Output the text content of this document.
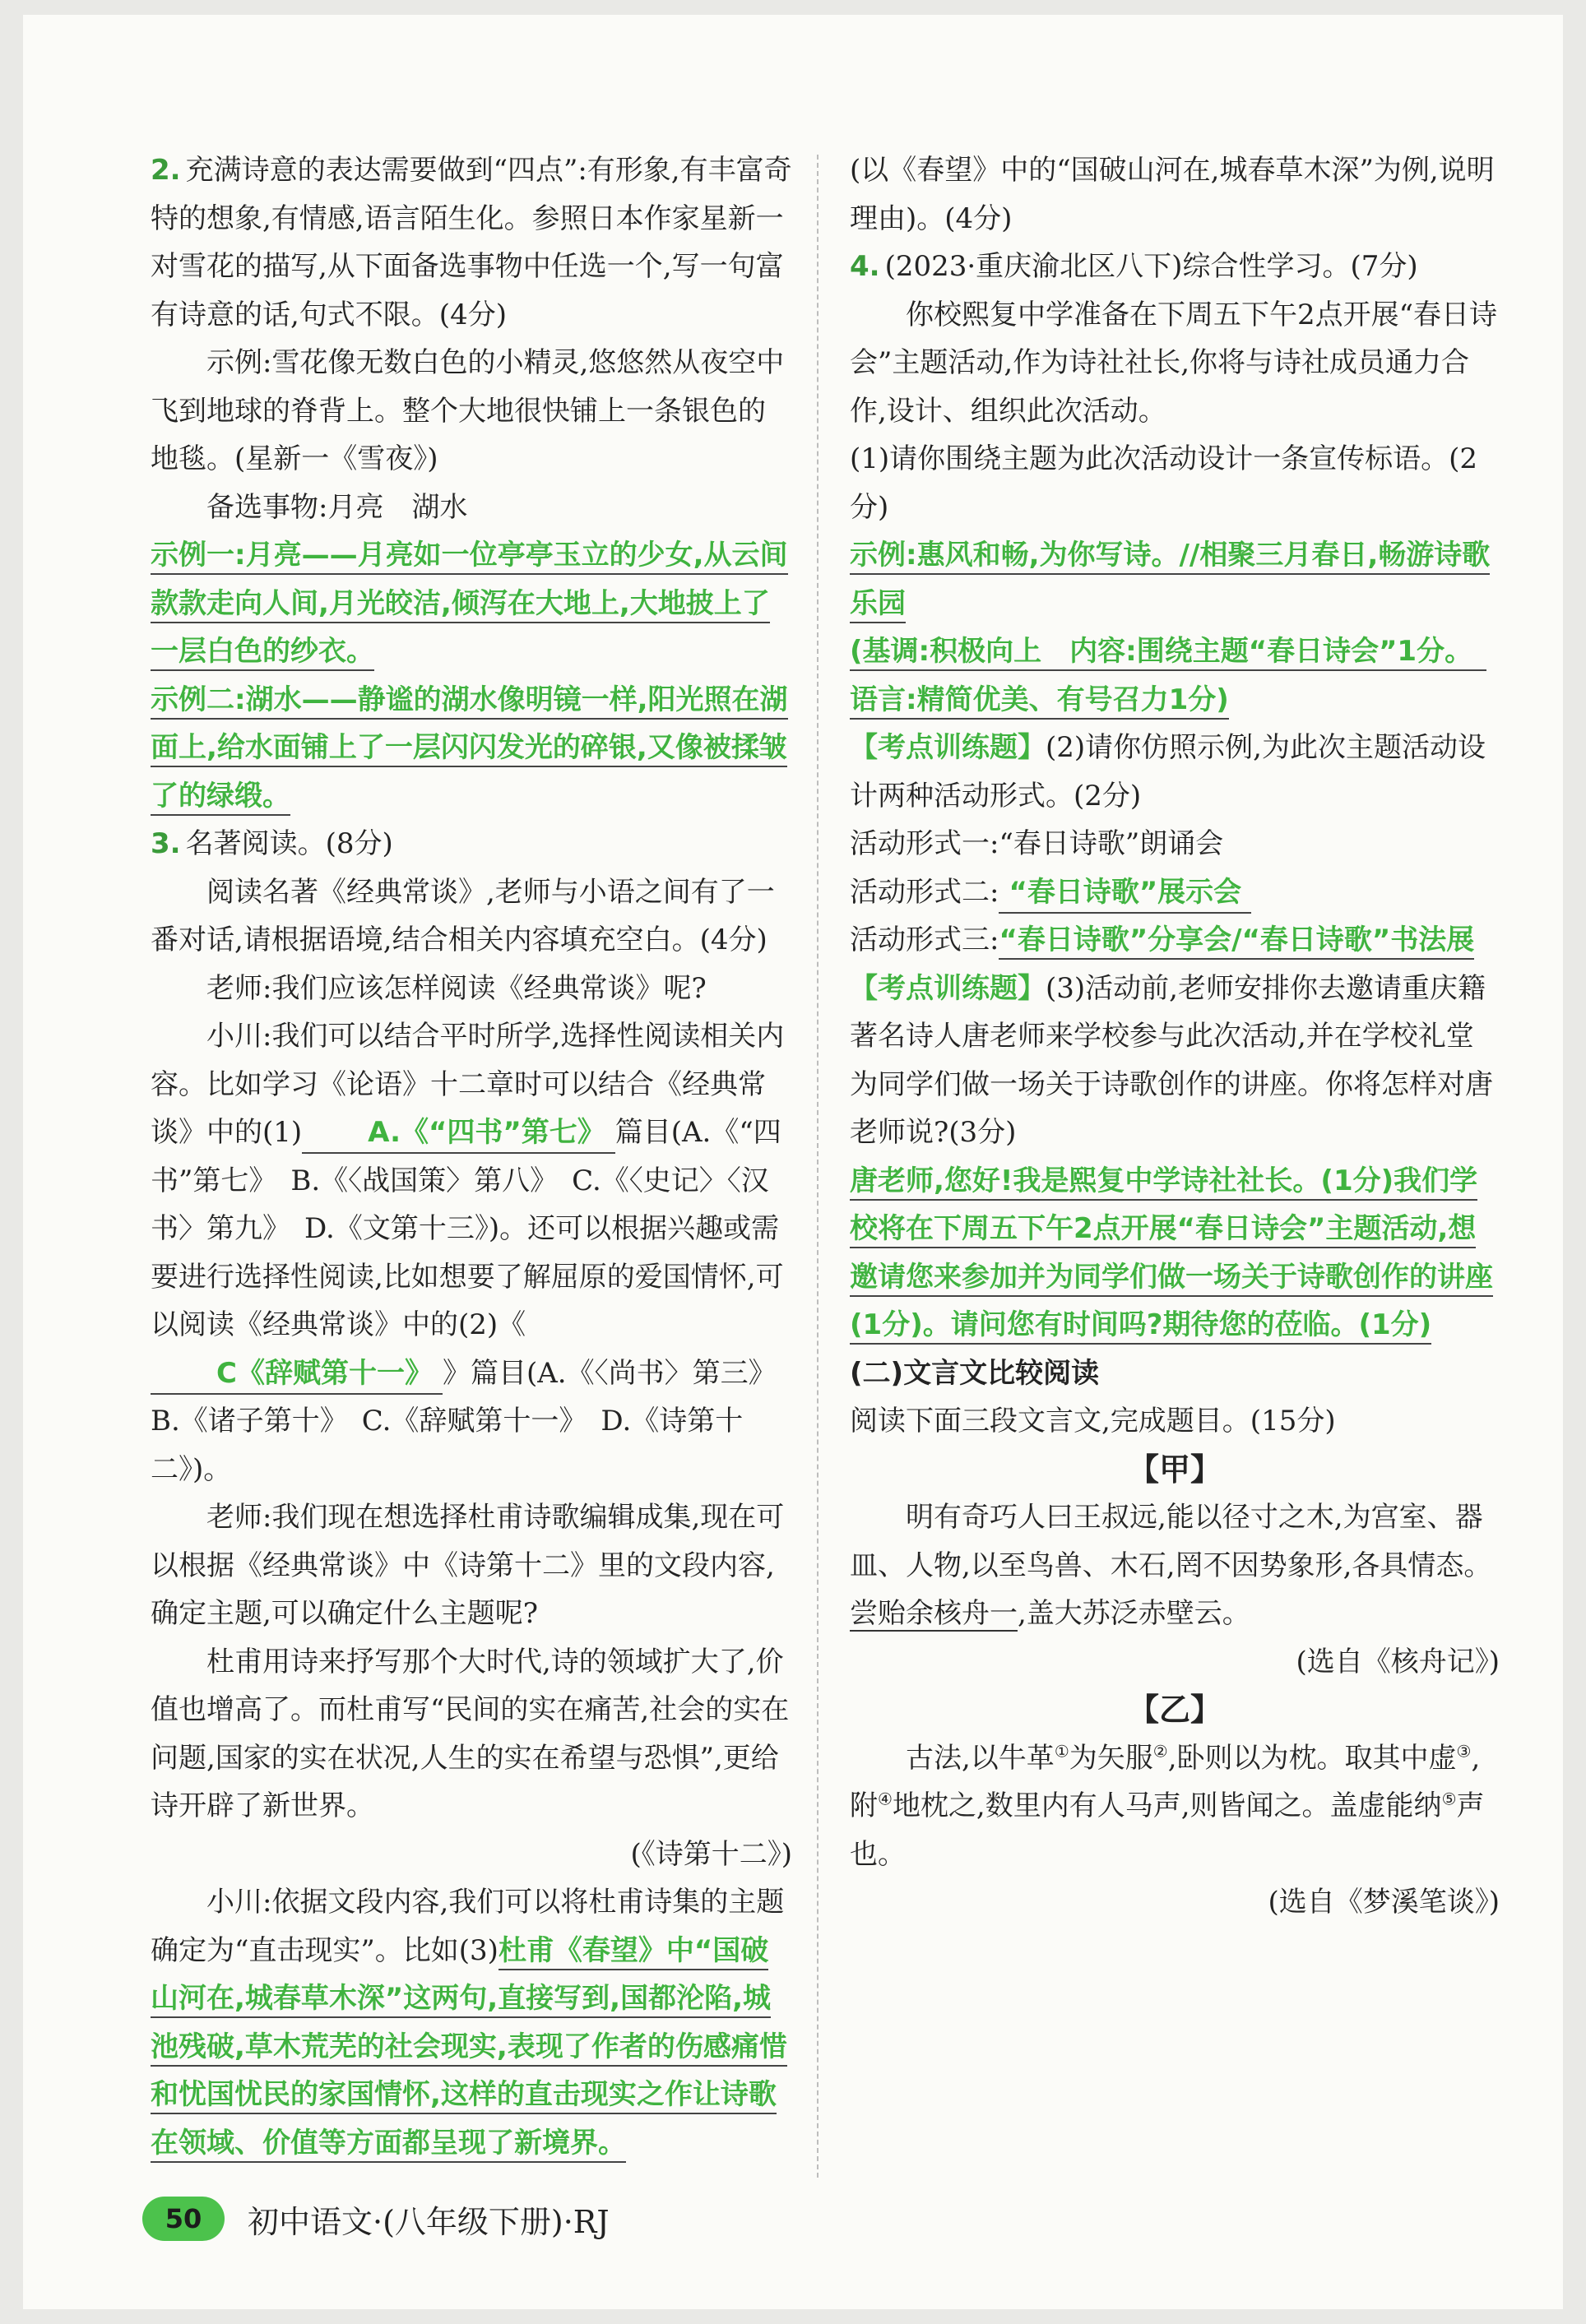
2. 充满诗意的表达需要做到“四点”:有形象,有丰富奇特的想象,有情感,语言陌生化。参照日本作家星新一对雪花的描写,从下面备选事物中任选一个,写一句富有诗意的话,句式不限。(4分)

示例:雪花像无数白色的小精灵,悠悠然从夜空中飞到地球的脊背上。整个大地很快铺上一条银色的地毯。(星新一《雪夜》)

备选事物:月亮　湖水

示例一:月亮——月亮如一位亭亭玉立的少女,从云间款款走向人间,月光皎洁,倾泻在大地上,大地披上了一层白色的纱衣。

示例二:湖水——静谧的湖水像明镜一样,阳光照在湖面上,给水面铺上了一层闪闪发光的碎银,又像被揉皱了的绿缎。

3. 名著阅读。(8分)

阅读名著《经典常谈》,老师与小语之间有了一番对话,请根据语境,结合相关内容填充空白。(4分)

老师:我们应该怎样阅读《经典常谈》呢?

小川:我们可以结合平时所学,选择性阅读相关内容。比如学习《论语》十二章时可以结合《经典常谈》中的(1) A.《“四书”第七》 篇目(A.《“四书”第七》　B.《〈战国策〉第八》　C.《〈史记〉〈汉书〉第九》　D.《文第十三》)。还可以根据兴趣或需要进行选择性阅读,比如想要了解屈原的爱国情怀,可以阅读《经典常谈》中的(2)《C《辞赋第十一》 》篇目(A.《〈尚书〉第三》　B.《诸子第十》　C.《辞赋第十一》　D.《诗第十二》)。

老师:我们现在想选择杜甫诗歌编辑成集,现在可以根据《经典常谈》中《诗第十二》里的文段内容,确定主题,可以确定什么主题呢?

杜甫用诗来抒写那个大时代,诗的领域扩大了,价值也增高了。而杜甫写“民间的实在痛苦,社会的实在问题,国家的实在状况,人生的实在希望与恐惧”,更给诗开辟了新世界。

(《诗第十二》)

小川:依据文段内容,我们可以将杜甫诗集的主题确定为“直击现实”。比如(3)杜甫《春望》中“国破山河在,城春草木深”这两句,直接写到,国都沦陷,城池残破,草木荒芜的社会现实,表现了作者的伤感痛惜和忧国忧民的家国情怀,这样的直击现实之作让诗歌在领域、价值等方面都呈现了新境界。

(以《春望》中的“国破山河在,城春草木深”为例,说明理由)。(4分)

4. (2023·重庆渝北区八下)综合性学习。(7分)

你校熙复中学准备在下周五下午2点开展“春日诗会”主题活动,作为诗社社长,你将与诗社成员通力合作,设计、组织此次活动。

(1)请你围绕主题为此次活动设计一条宣传标语。(2分)

示例:惠风和畅,为你写诗。//相聚三月春日,畅游诗歌乐园

(基调:积极向上　内容:围绕主题“春日诗会”1分。　语言:精简优美、有号召力1分)

【考点训练题】(2)请你仿照示例,为此次主题活动设计两种活动形式。(2分)

活动形式一:“春日诗歌”朗诵会

活动形式二: “春日诗歌”展示会

活动形式三:“春日诗歌”分享会/“春日诗歌”书法展

【考点训练题】(3)活动前,老师安排你去邀请重庆籍著名诗人唐老师来学校参与此次活动,并在学校礼堂为同学们做一场关于诗歌创作的讲座。你将怎样对唐老师说?(3分)

唐老师,您好!我是熙复中学诗社社长。(1分)我们学校将在下周五下午2点开展“春日诗会”主题活动,想邀请您来参加并为同学们做一场关于诗歌创作的讲座(1分)。请问您有时间吗?期待您的莅临。(1分)

(二)文言文比较阅读

阅读下面三段文言文,完成题目。(15分)

【甲】

明有奇巧人曰王叔远,能以径寸之木,为宫室、器皿、人物,以至鸟兽、木石,罔不因势象形,各具情态。尝贻余核舟一,盖大苏泛赤壁云。

(选自《核舟记》)

【乙】

古法,以牛革①为矢服②,卧则以为枕。取其中虚③,附④地枕之,数里内有人马声,则皆闻之。盖虚能纳⑤声也。

(选自《梦溪笔谈》)

50	初中语文·(八年级下册)·RJ
